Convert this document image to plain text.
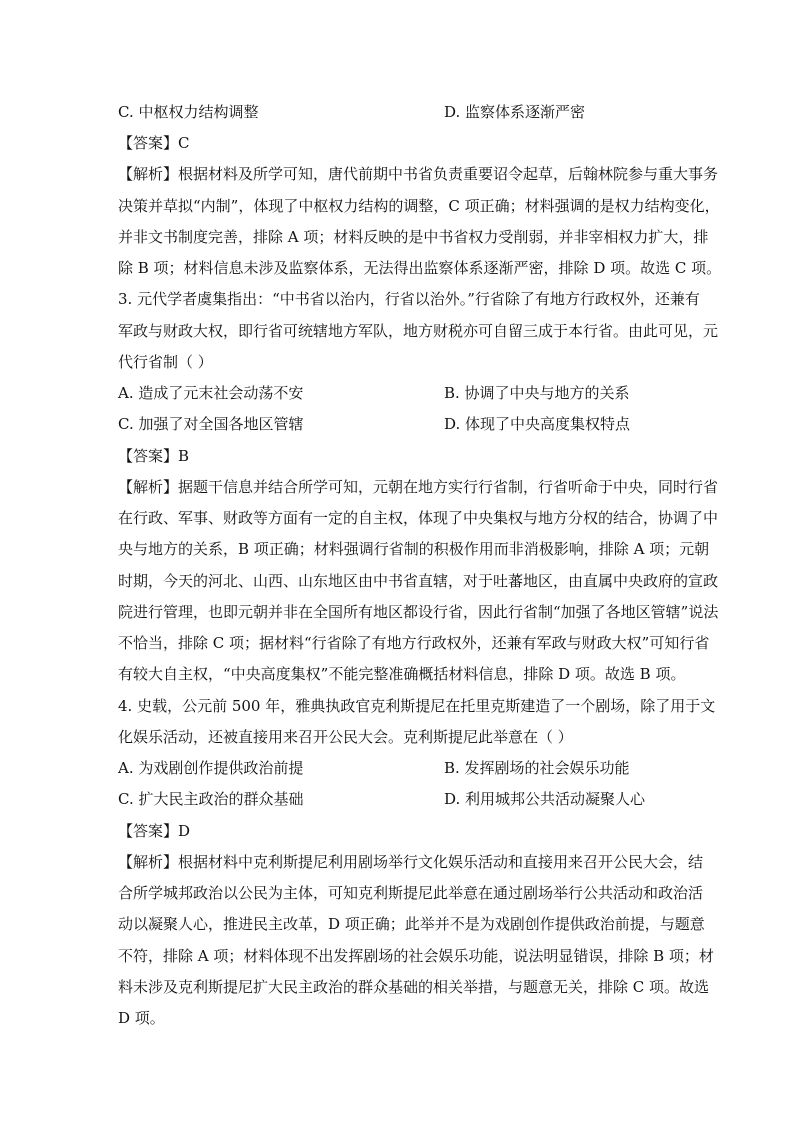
C. 中枢权力结构调整	D. 监察体系逐渐严密
【答案】C
【解析】根据材料及所学可知，唐代前期中书省负责重要诏令起草，后翰林院参与重大事务
决策并草拟“内制”，体现了中枢权力结构的调整，C 项正确；材料强调的是权力结构变化，
并非文书制度完善，排除 A 项；材料反映的是中书省权力受削弱，并非宰相权力扩大，排
除 B 项；材料信息未涉及监察体系，无法得出监察体系逐渐严密，排除 D 项。故选 C 项。
3. 元代学者虞集指出：“中书省以治内，行省以治外。”行省除了有地方行政权外，还兼有
军政与财政大权，即行省可统辖地方军队，地方财税亦可自留三成于本行省。由此可见，元
代行省制（ ）
A. 造成了元末社会动荡不安	B. 协调了中央与地方的关系
C. 加强了对全国各地区管辖	D. 体现了中央高度集权特点
【答案】B
【解析】据题干信息并结合所学可知，元朝在地方实行行省制，行省听命于中央，同时行省
在行政、军事、财政等方面有一定的自主权，体现了中央集权与地方分权的结合，协调了中
央与地方的关系，B 项正确；材料强调行省制的积极作用而非消极影响，排除 A 项；元朝
时期，今天的河北、山西、山东地区由中书省直辖，对于吐蕃地区，由直属中央政府的宣政
院进行管理，也即元朝并非在全国所有地区都设行省，因此行省制“加强了各地区管辖”说法
不恰当，排除 C 项；据材料“行省除了有地方行政权外，还兼有军政与财政大权”可知行省
有较大自主权，“中央高度集权”不能完整准确概括材料信息，排除 D 项。故选 B 项。
4. 史载，公元前 500 年，雅典执政官克利斯提尼在托里克斯建造了一个剧场，除了用于文
化娱乐活动，还被直接用来召开公民大会。克利斯提尼此举意在（ ）
A. 为戏剧创作提供政治前提	B. 发挥剧场的社会娱乐功能
C. 扩大民主政治的群众基础	D. 利用城邦公共活动凝聚人心
【答案】D
【解析】根据材料中克利斯提尼利用剧场举行文化娱乐活动和直接用来召开公民大会，结
合所学城邦政治以公民为主体，可知克利斯提尼此举意在通过剧场举行公共活动和政治活
动以凝聚人心，推进民主改革，D 项正确；此举并不是为戏剧创作提供政治前提，与题意
不符，排除 A 项；材料体现不出发挥剧场的社会娱乐功能，说法明显错误，排除 B 项；材
料未涉及克利斯提尼扩大民主政治的群众基础的相关举措，与题意无关，排除 C 项。故选
D 项。
